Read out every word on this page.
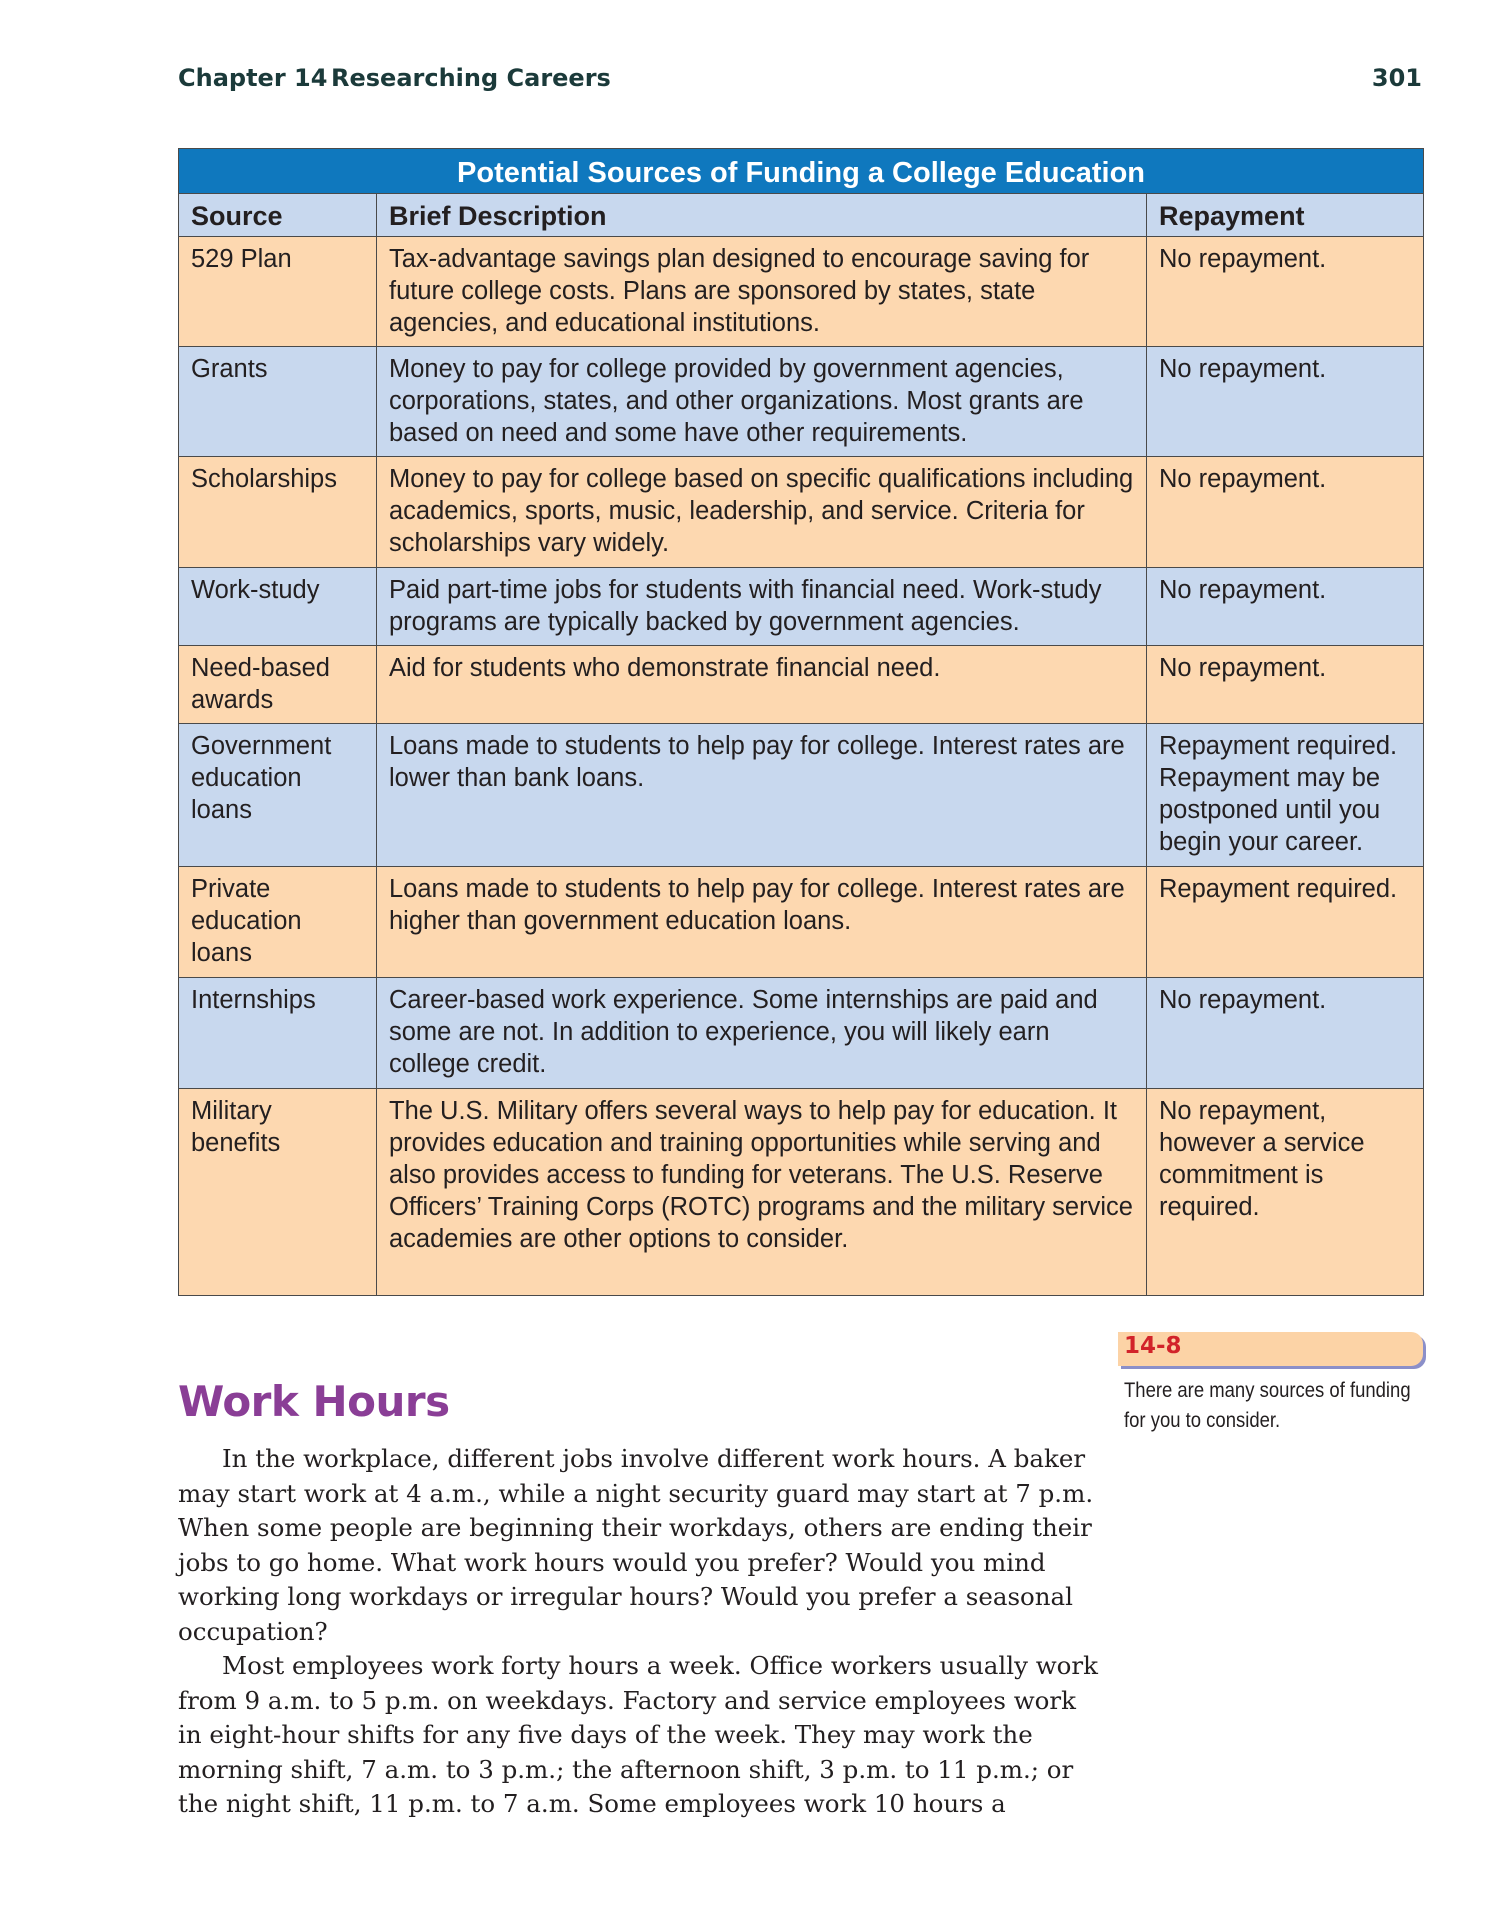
Chapter 14 Researching Careers	301
Potential Sources of Funding a College Education		
Source	Brief Description	Repayment
529 Plan	Tax-advantage savings plan designed to encourage saving for future college costs. Plans are sponsored by states, state agencies, and educational institutions.	No repayment.
Grants	Money to pay for college provided by government agencies, corporations, states, and other organizations. Most grants are based on need and some have other requirements.	No repayment.
Scholarships	Money to pay for college based on specific qualifications including academics, sports, music, leadership, and service. Criteria for scholarships vary widely.	No repayment.
Work-study	Paid part-time jobs for students with financial need. Work-study programs are typically backed by government agencies.	No repayment.
Need-based awards	Aid for students who demonstrate financial need.	No repayment.
Government education loans	Loans made to students to help pay for college. Interest rates are lower than bank loans.	Repayment required. Repayment may be postponed until you begin your career.
Private education loans	Loans made to students to help pay for college. Interest rates are higher than government education loans.	Repayment required.
Internships	Career-based work experience. Some internships are paid and some are not. In addition to experience, you will likely earn college credit.	No repayment.
Military benefits	The U.S. Military offers several ways to help pay for education. It provides education and training opportunities while serving and also provides access to funding for veterans. The U.S. Reserve Officers’ Training Corps (ROTC) programs and the military service academies are other options to consider.	No repayment, however a service commitment is required.
14-8
There are many sources of funding for you to consider.
Work Hours

In the workplace, different jobs involve different work hours. A baker may start work at 4 a.m., while a night security guard may start at 7 p.m. When some people are beginning their workdays, others are ending their jobs to go home. What work hours would you prefer? Would you mind working long workdays or irregular hours? Would you prefer a seasonal occupation?

Most employees work forty hours a week. Office workers usually work from 9 a.m. to 5 p.m. on weekdays. Factory and service employees work in eight-hour shifts for any five days of the week. They may work the morning shift, 7 a.m. to 3 p.m.; the afternoon shift, 3 p.m. to 11 p.m.; or the night shift, 11 p.m. to 7 a.m. Some employees work 10 hours a
